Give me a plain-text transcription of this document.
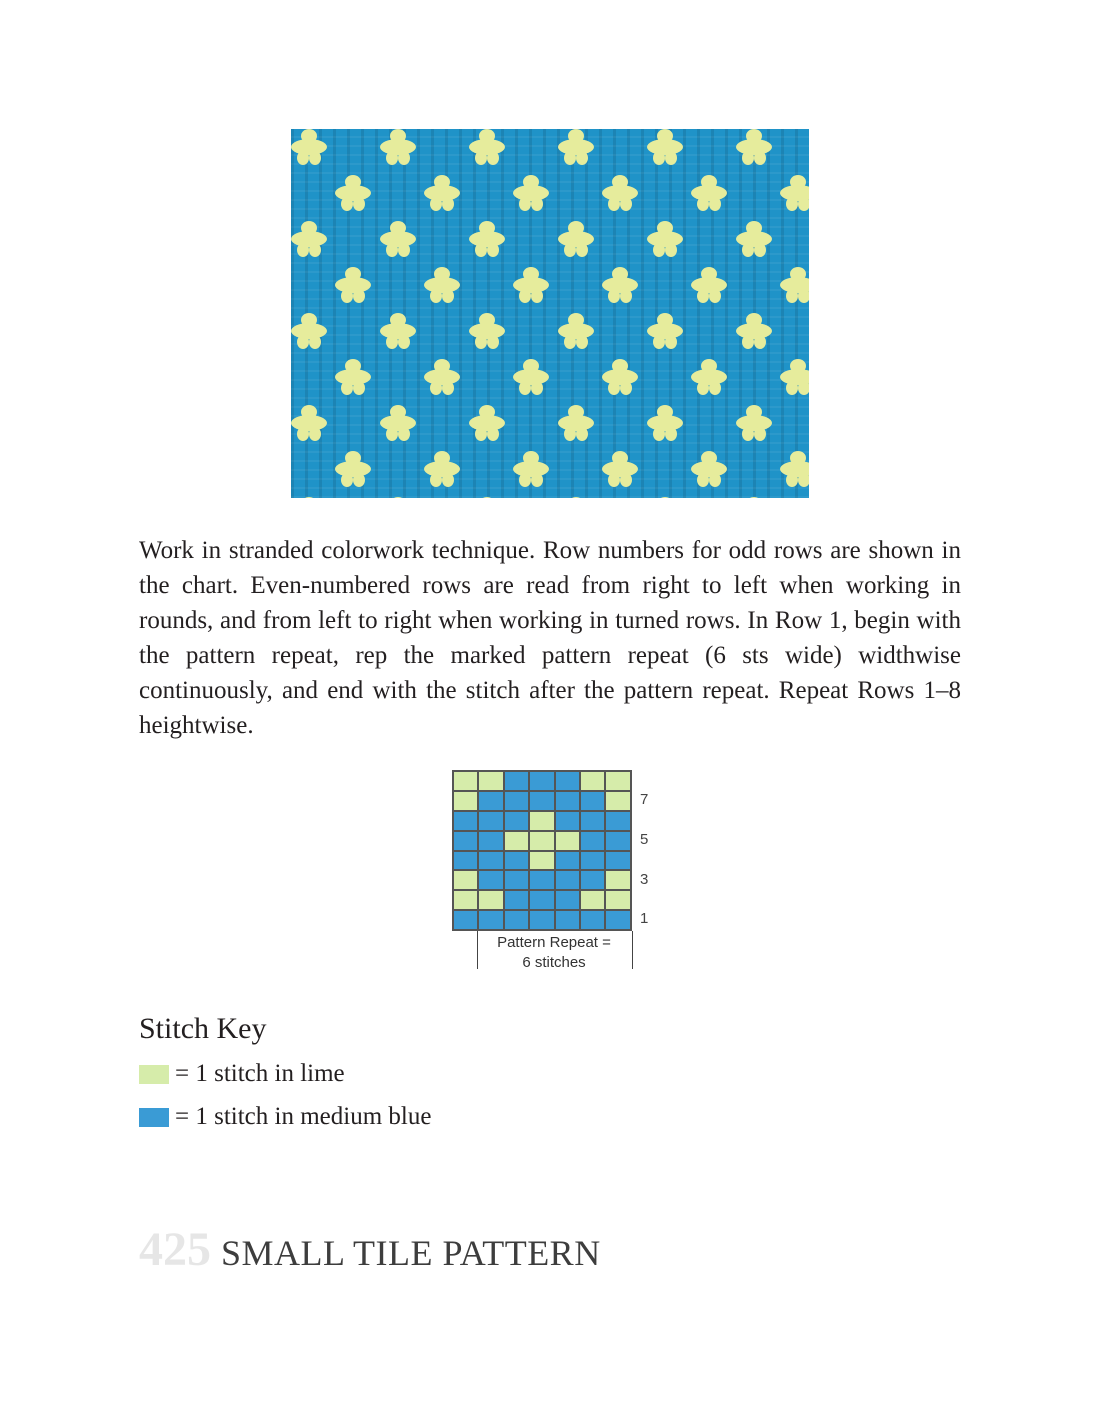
Work in stranded colorwork technique. Row numbers for odd rows are shown in the chart. Even-numbered rows are read from right to left when working in rounds, and from left to right when working in turned rows. In Row 1, begin with the pattern repeat, rep the marked pattern repeat (6 sts wide) widthwise continuously, and end with the stitch after the pattern repeat. Repeat Rows 1–8 heightwise.
7
5
3
1
Pattern Repeat =
6 stitches
Stitch Key
= 1 stitch in lime
= 1 stitch in medium blue
425 SMALL TILE PATTERN
